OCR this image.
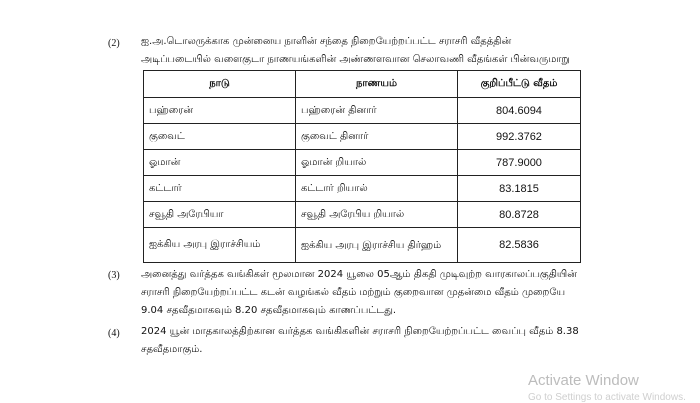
(2) ஐ.அ.டொலருக்காக முன்னைய நாளின் சந்தை நிறையேற்றப்பட்ட சராசரி வீதத்தின்
அடிப்படையில் வளைகுடா நாணயங்களின் அண்ணளவான செலாவணி வீதங்கள் பின்வருமாறு
நாடு	நாணயம்	குறிப்பீட்டு வீதம்
பஹ்ரைன்	பஹ்ரைன் தினார்	804.6094
குவைட்	குவைட் தினார்	992.3762
ஓமான்	ஓமான் றியால்	787.9000
கட்டார்	கட்டார் றியால்	83.1815
சவூதி அரேபியா	சவூதி அரேபிய றியால்	80.8728
ஐக்கிய அரபு இராச்சியம்	ஐக்கிய அரபு இராச்சிய திர்ஹம்	82.5836
(3) அனைத்து வர்த்தக வங்கிகள் மூலமான 2024 யூலை 05ஆம் திகதி முடிவுற்ற வாரகாலப்பகுதியின்
சராசரி நிறையேற்றப்பட்ட கடன் வழங்கல் வீதம் மற்றும் குறைவான முதன்மை வீதம் முறையே
9.04 சதவீதமாகவும் 8.20 சதவீதமாகவும் காணப்பட்டது.
(4) 2024 யூன் மாதகாலத்திற்கான வர்த்தக வங்கிகளின் சராசரி நிறையேற்றப்பட்ட வைப்பு வீதம் 8.38
சதவீதமாகும்.
Activate Window
Go to Settings to activate Windows.
